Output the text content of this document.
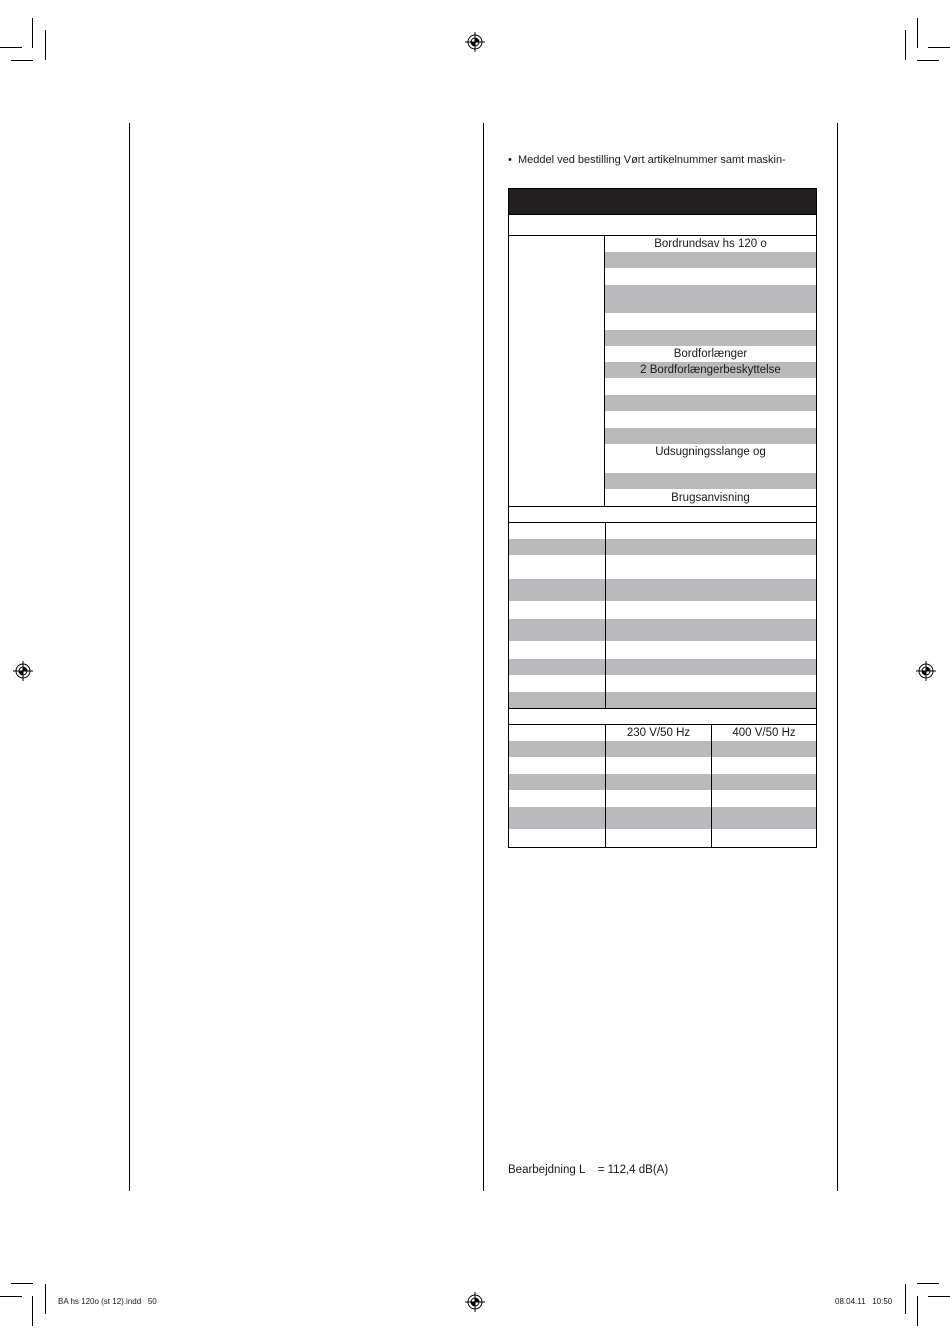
•  Meddel ved bestilling Vørt artikelnummer samt maskin-
Bordrundsav hs 120 o
Bordforlænger
2 Bordforlængerbeskyttelse
Udsugningsslange og
Brugsanvisning
230 V/50 Hz	400 V/50 Hz
Bearbejdning L    = 112,4 dB(A)
BA hs 120o (st 12).indd   50	08.04.11   10:50
